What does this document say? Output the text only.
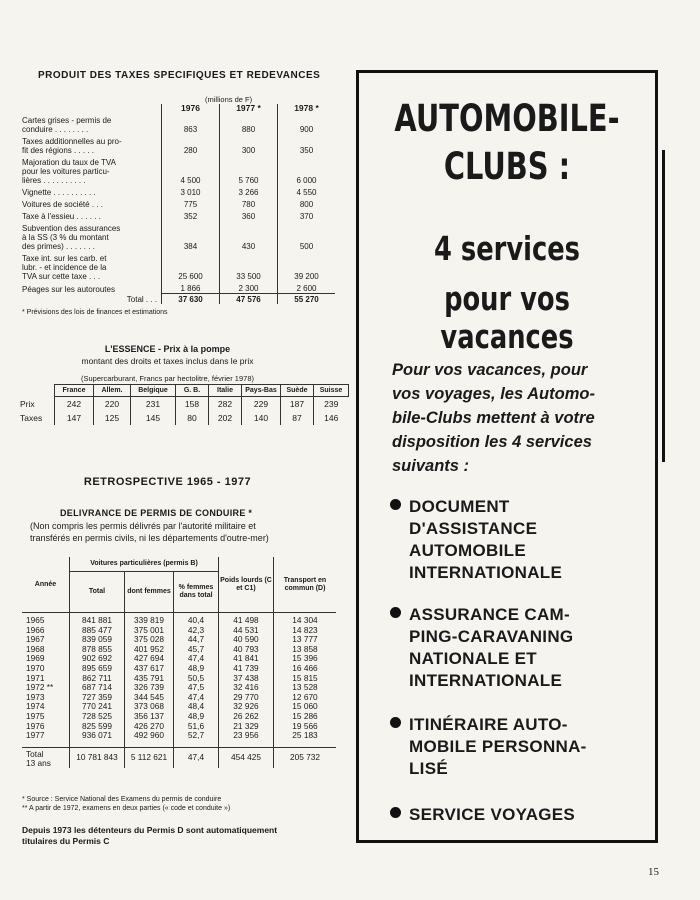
PRODUIT DES TAXES SPECIFIQUES ET REDEVANCES
(millions de F)
	1976	1977 *	1978 *

Cartes grises - permis de
conduire . . . . . . . .	863	880	900

Taxes additionnelles au pro-
fit des régions . . . . .	280	300	350

Majoration du taux de TVA
pour les voitures particu-
lières . . . . . . . . . .	4 500	5 760	6 000

Vignette . . . . . . . . . .	3 010	3 266	4 550

Voitures de société . . .	775	780	800

Taxe à l'essieu . . . . . .	352	360	370

Subvention des assurances
à la SS (3 % du montant
des primes) . . . . . . .	384	430	500

Taxe int. sur les carb. et
lubr. - et incidence de la
TVA sur cette taxe . . .	25 600	33 500	39 200

Péages sur les autoroutes	1 866	2 300	2 600
Total . . .	37 630	47 576	55 270
* Prévisions des lois de finances et estimations
L'ESSENCE - Prix à la pompe
montant des droits et taxes inclus dans le prix
(Supercarburant, Francs par hectolitre, février 1978)
	France	Allem.	Belgique	G. B.	Italie	Pays-Bas	Suède	Suisse
Prix	242	220	231	158	282	229	187	239
Taxes	147	125	145	80	202	140	87	146
RETROSPECTIVE 1965 - 1977
DELIVRANCE DE PERMIS DE CONDUIRE *
(Non compris les permis délivrés par l'autorité militaire et
transférés en permis civils, ni les départements d'outre-mer)
Année	Voitures particulières (permis B)			Poids lourds (C et C1)	Transport en commun (D)
	Total	dont femmes	% femmes dans total		

1965	841 881	339 819	40,4	41 498	14 304
1966	885 477	375 001	42,3	44 531	14 823
1967	839 059	375 028	44,7	40 590	13 777
1968	878 855	401 952	45,7	40 793	13 858
1969	902 692	427 694	47,4	41 841	15 396
1970	895 659	437 617	48,9	41 739	16 466
1971	862 711	435 791	50,5	37 438	15 815
1972 **	687 714	326 739	47,5	32 416	13 528
1973	727 359	344 545	47,4	29 770	12 670
1974	770 241	373 068	48,4	32 926	15 060
1975	728 525	356 137	48,9	26 262	15 286
1976	825 599	426 270	51,6	21 329	19 566
1977	936 071	492 960	52,7	23 956	25 183

Total
13 ans	10 781 843	5 112 621	47,4	454 425	205 732
* Source : Service National des Examens du permis de conduire
** A partir de 1972, examens en deux parties (« code et conduite »)
Depuis 1973 les détenteurs du Permis D sont automatiquement
titulaires du Permis C
AUTOMOBILE-
CLUBS :
4 services
pour vos vacances
Pour vos vacances, pour
vos voyages, les Automo-
bile-Clubs mettent à votre
disposition les 4 services
suivants :
DOCUMENT
D'ASSISTANCE
AUTOMOBILE
INTERNATIONALE
ASSURANCE CAM-
PING-CARAVANING
NATIONALE ET
INTERNATIONALE
ITINÉRAIRE AUTO-
MOBILE PERSONNA-
LISÉ
SERVICE VOYAGES
15
